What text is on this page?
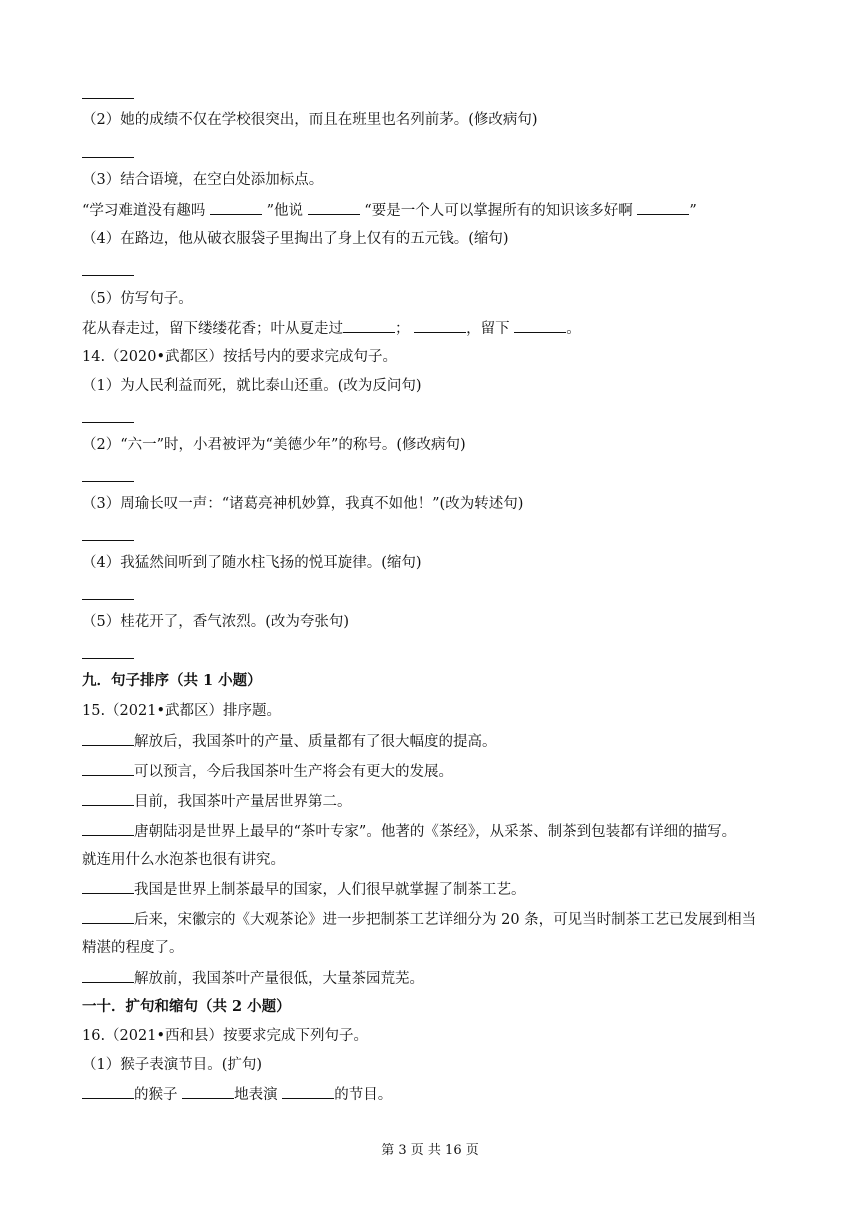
（2）她的成绩不仅在学校很突出，而且在班里也名列前茅。(修改病句)
（3）结合语境，在空白处添加标点。
“学习难道没有趣吗	”他说	“要是一个人可以掌握所有的知识该多好啊	”
（4）在路边，他从破衣服袋子里掏出了身上仅有的五元钱。(缩句)
（5）仿写句子。
花从春走过，留下缕缕花香；叶从夏走过	；	，留下	。
14.（2020•武都区）按括号内的要求完成句子。
（1）为人民利益而死，就比泰山还重。(改为反问句)
（2）“六一”时，小君被评为“美德少年”的称号。(修改病句)
（3）周瑜长叹一声：“诸葛亮神机妙算，我真不如他！”(改为转述句)
（4）我猛然间听到了随水柱飞扬的悦耳旋律。(缩句)
（5）桂花开了，香气浓烈。(改为夸张句)
九．句子排序（共 1 小题）
15.（2021•武都区）排序题。
解放后，我国茶叶的产量、质量都有了很大幅度的提高。
可以预言，今后我国茶叶生产将会有更大的发展。
目前，我国茶叶产量居世界第二。
唐朝陆羽是世界上最早的“茶叶专家”。他著的《茶经》，从采茶、制茶到包装都有详细的描写。
就连用什么水泡茶也很有讲究。
我国是世界上制茶最早的国家，人们很早就掌握了制茶工艺。
后来，宋徽宗的《大观茶论》进一步把制茶工艺详细分为 20 条，可见当时制茶工艺已发展到相当
精湛的程度了。
解放前，我国茶叶产量很低，大量茶园荒芜。
一十．扩句和缩句（共 2 小题）
16.（2021•西和县）按要求完成下列句子。
（1）猴子表演节目。(扩句)
的猴子	地表演	的节目。
第 3 页 共 16 页
